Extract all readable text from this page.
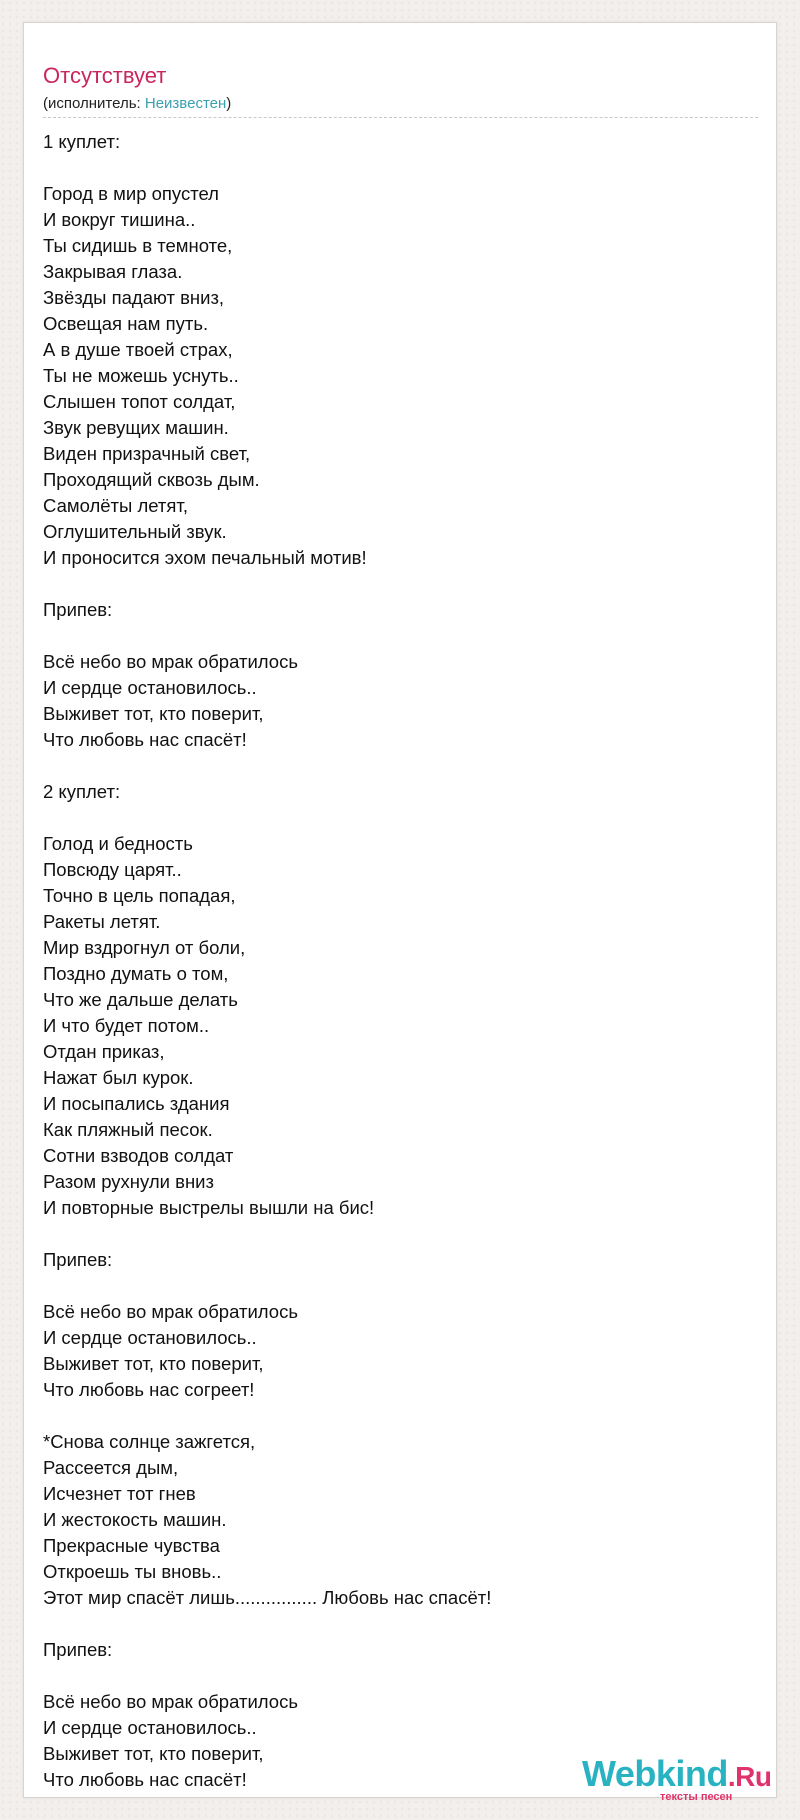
Отсутствует
(исполнитель: Неизвестен)
1 куплет:
Город в мир опустел
И вокруг тишина..
Ты сидишь в темноте,
Закрывая глаза.
Звёзды падают вниз,
Освещая нам путь.
А в душе твоей страх,
Ты не можешь уснуть..
Слышен топот солдат,
Звук ревущих машин.
Виден призрачный свет,
Проходящий сквозь дым.
Самолёты летят,
Оглушительный звук.
И проносится эхом печальный мотив!
Припев:
Всё небо во мрак обратилось
И сердце остановилось..
Выживет тот, кто поверит,
Что любовь нас спасёт!
2 куплет:
Голод и бедность
Повсюду царят..
Точно в цель попадая,
Ракеты летят.
Мир вздрогнул от боли,
Поздно думать о том,
Что же дальше делать
И что будет потом..
Отдан приказ,
Нажат был курок.
И посыпались здания
Как пляжный песок.
Сотни взводов солдат
Разом рухнули вниз
И повторные выстрелы вышли на бис!
Припев:
Всё небо во мрак обратилось
И сердце остановилось..
Выживет тот, кто поверит,
Что любовь нас согреет!
*Снова солнце зажгется,
Рассеется дым,
Исчезнет тот гнев
И жестокость машин.
Прекрасные чувства
Откроешь ты вновь..
Этот мир спасёт лишь................ Любовь нас спасёт!
Припев:
Всё небо во мрак обратилось
И сердце остановилось..
Выживет тот, кто поверит,
Что любовь нас спасёт!	Webkind.Ru
тексты песен
